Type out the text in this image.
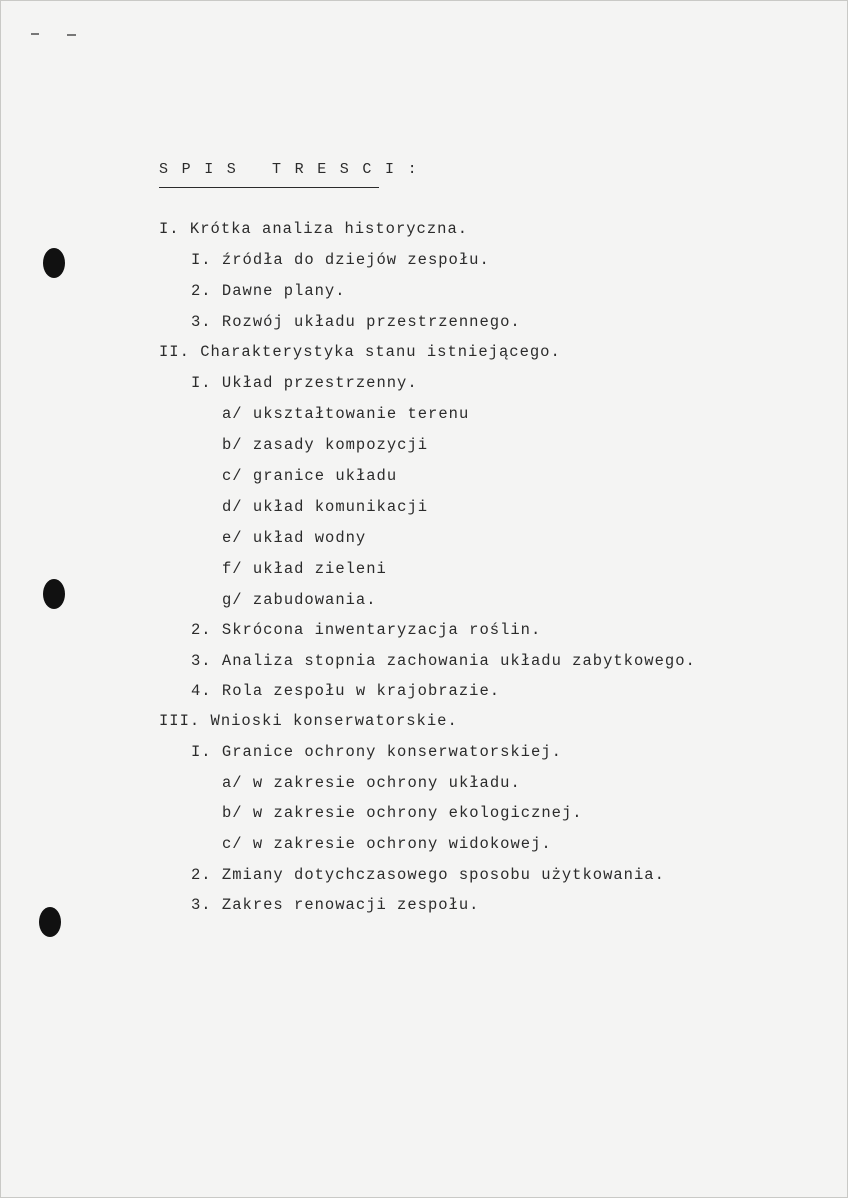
SPIS TRESCI:
I. Krótka analiza historyczna.
I. źródła do dziejów zespołu.
2. Dawne plany.
3. Rozwój układu przestrzennego.
II. Charakterystyka stanu istniejącego.
I. Układ przestrzenny.
a/ ukształtowanie terenu
b/ zasady kompozycji
c/ granice układu
d/ układ komunikacji
e/ układ wodny
f/ układ zieleni
g/ zabudowania.
2. Skrócona inwentaryzacja roślin.
3. Analiza stopnia zachowania układu zabytkowego.
4. Rola zespołu w krajobrazie.
III. Wnioski konserwatorskie.
I. Granice ochrony konserwatorskiej.
a/ w zakresie ochrony układu.
b/ w zakresie ochrony ekologicznej.
c/ w zakresie ochrony widokowej.
2. Zmiany dotychczasowego sposobu użytkowania.
3. Zakres renowacji zespołu.
